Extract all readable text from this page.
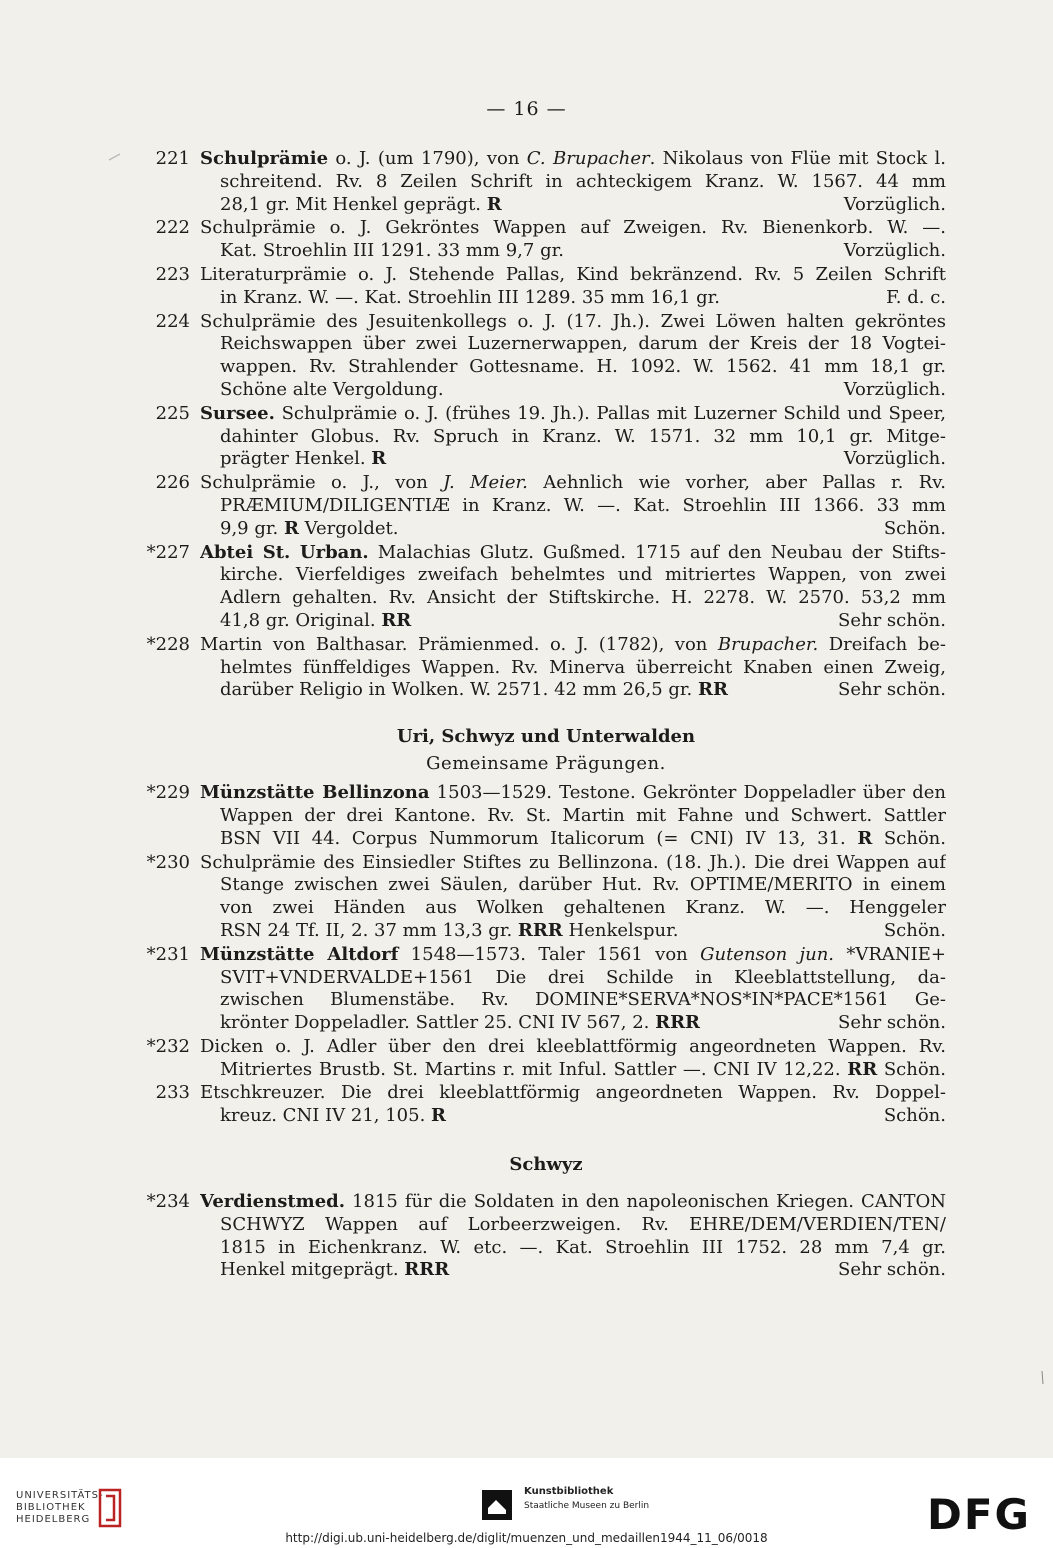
— 16 —
221 Schulprämie o. J. (um 1790), von C. Brupacher. Nikolaus von Flüe mit Stock l.
schreitend. Rv. 8 Zeilen Schrift in achteckigem Kranz. W. 1567. 44 mm
28,1 gr. Mit Henkel geprägt. R	Vorzüglich.
222 Schulprämie o. J. Gekröntes Wappen auf Zweigen. Rv. Bienenkorb. W. —.
Kat. Stroehlin III 1291. 33 mm 9,7 gr.	Vorzüglich.
223 Literaturprämie o. J. Stehende Pallas, Kind bekränzend. Rv. 5 Zeilen Schrift
in Kranz. W. —. Kat. Stroehlin III 1289. 35 mm 16,1 gr.	F. d. c.
224 Schulprämie des Jesuitenkollegs o. J. (17. Jh.). Zwei Löwen halten gekröntes
Reichswappen über zwei Luzernerwappen, darum der Kreis der 18 Vogtei-
wappen. Rv. Strahlender Gottesname. H. 1092. W. 1562. 41 mm 18,1 gr.
Schöne alte Vergoldung.	Vorzüglich.
225 Sursee. Schulprämie o. J. (frühes 19. Jh.). Pallas mit Luzerner Schild und Speer,
dahinter Globus. Rv. Spruch in Kranz. W. 1571. 32 mm 10,1 gr. Mitge-
prägter Henkel. R	Vorzüglich.
226 Schulprämie o. J., von J. Meier. Aehnlich wie vorher, aber Pallas r. Rv.
PRÆMIUM/DILIGENTIÆ in Kranz. W. —. Kat. Stroehlin III 1366. 33 mm
9,9 gr. R Vergoldet.	Schön.
*227 Abtei St. Urban. Malachias Glutz. Gußmed. 1715 auf den Neubau der Stifts-
kirche. Vierfeldiges zweifach behelmtes und mitriertes Wappen, von zwei
Adlern gehalten. Rv. Ansicht der Stiftskirche. H. 2278. W. 2570. 53,2 mm
41,8 gr. Original. RR	Sehr schön.
*228 Martin von Balthasar. Prämienmed. o. J. (1782), von Brupacher. Dreifach be-
helmtes fünffeldiges Wappen. Rv. Minerva überreicht Knaben einen Zweig,
darüber Religio in Wolken. W. 2571. 42 mm 26,5 gr. RR	Sehr schön.
Uri, Schwyz und Unterwalden
Gemeinsame Prägungen.
*229 Münzstätte Bellinzona 1503—1529. Testone. Gekrönter Doppeladler über den
Wappen der drei Kantone. Rv. St. Martin mit Fahne und Schwert. Sattler
BSN VII 44. Corpus Nummorum Italicorum (= CNI) IV 13, 31. R Schön.
*230 Schulprämie des Einsiedler Stiftes zu Bellinzona. (18. Jh.). Die drei Wappen auf
Stange zwischen zwei Säulen, darüber Hut. Rv. OPTIME/MERITO in einem
von zwei Händen aus Wolken gehaltenen Kranz. W. —. Henggeler
RSN 24 Tf. II, 2. 37 mm 13,3 gr. RRR Henkelspur.	Schön.
*231 Münzstätte Altdorf 1548—1573. Taler 1561 von Gutenson jun. *VRANIE+
SVIT+VNDERVALDE+1561 Die drei Schilde in Kleeblattstellung, da-
zwischen Blumenstäbe. Rv. DOMINE*SERVA*NOS*IN*PACE*1561 Ge-
krönter Doppeladler. Sattler 25. CNI IV 567, 2. RRR	Sehr schön.
*232 Dicken o. J. Adler über den drei kleeblattförmig angeordneten Wappen. Rv.
Mitriertes Brustb. St. Martins r. mit Inful. Sattler —. CNI IV 12,22. RR Schön.
233 Etschkreuzer. Die drei kleeblattförmig angeordneten Wappen. Rv. Doppel-
kreuz. CNI IV 21, 105. R	Schön.
Schwyz
*234 Verdienstmed. 1815 für die Soldaten in den napoleonischen Kriegen. CANTON
SCHWYZ Wappen auf Lorbeerzweigen. Rv. EHRE/DEM/VERDIEN/TEN/
1815 in Eichenkranz. W. etc. —. Kat. Stroehlin III 1752. 28 mm 7,4 gr.
Henkel mitgeprägt. RRR	Sehr schön.
UNIVERSITÄTS-
BIBLIOTHEK
HEIDELBERG
Kunstbibliothek
Staatliche Museen zu Berlin	DFG
http://digi.ub.uni-heidelberg.de/diglit/muenzen_und_medaillen1944_11_06/0018
